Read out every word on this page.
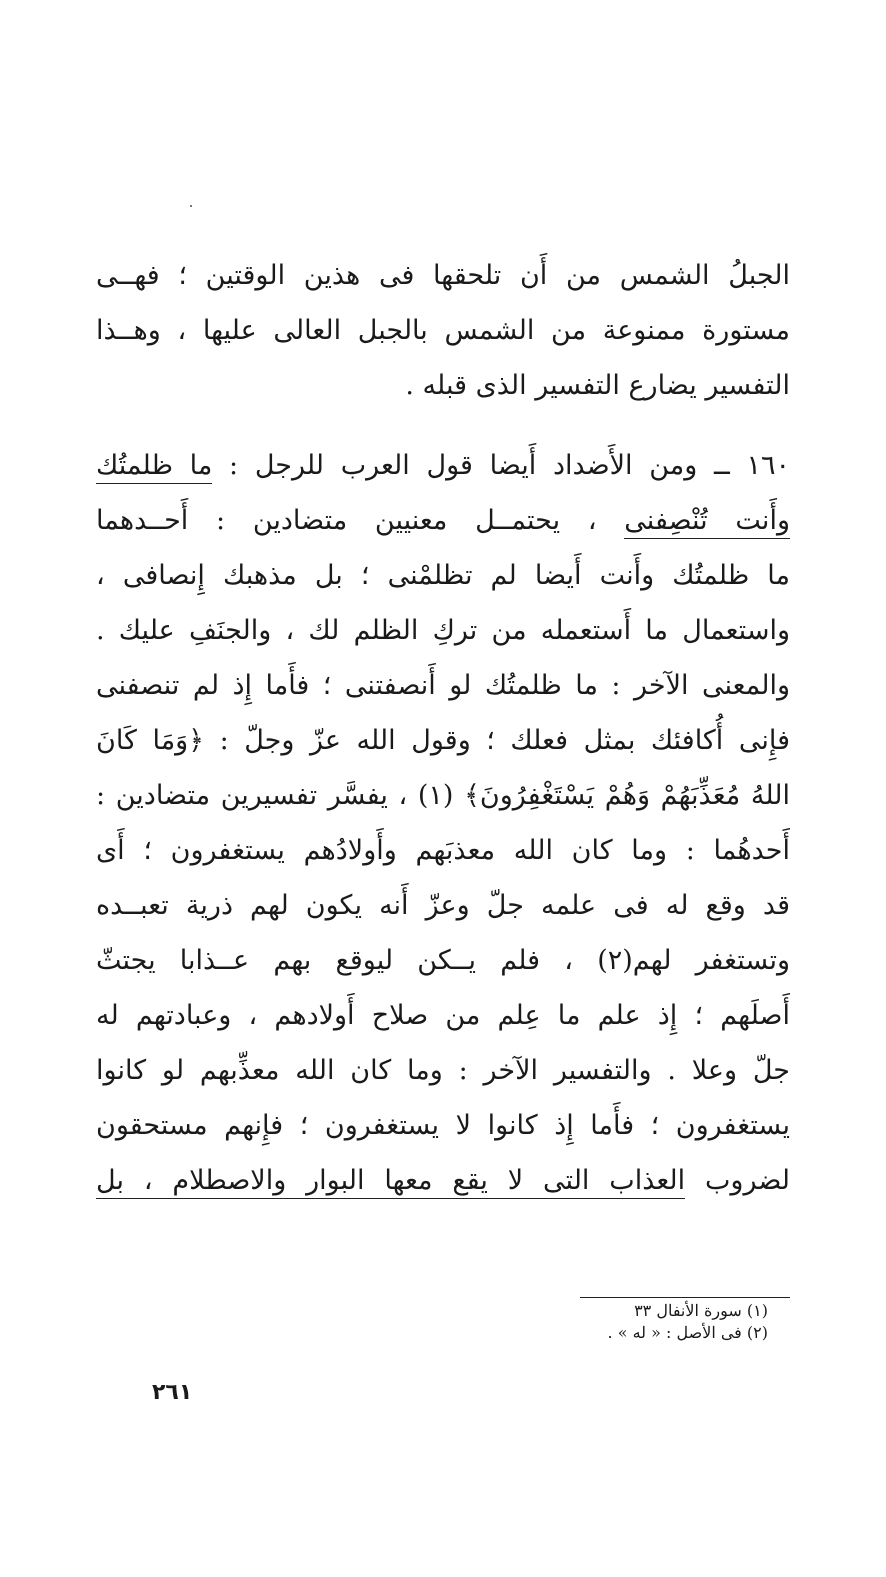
الجبلُ الشمس من أَن تلحقها فى هذين الوقتين ؛ فهــى
مستورة ممنوعة من الشمس بالجبل العالى عليها ، وهــذا
التفسير يضارع التفسير الذى قبله .
١٦٠ ــ ومن الأَضداد أَيضا قول العرب للرجل : ما ظلمتُك
وأَنت تُنْصِفنى ، يحتمــل معنيين متضادين : أَحــدهما
ما ظلمتُك وأَنت أَيضا لم تظلمْنى ؛ بل مذهبك إِنصافى ،
واستعمال ما أَستعمله من تركِ الظلم لك ، والجنَفِ عليك .
والمعنى الآخر : ما ظلمتُك لو أَنصفتنى ؛ فأَما إِذ لم تنصفنى
فإِنى أُكافئك بمثل فعلك ؛ وقول الله عزّ وجلّ : ﴿وَمَا كَانَ
اللهُ مُعَذِّبَهُمْ وَهُمْ يَسْتَغْفِرُونَ﴾ (١) ، يفسَّر تفسيرين متضادين :
أَحدهُما : وما كان الله معذبَهم وأَولادُهم يستغفرون ؛ أَى
قد وقع له فى علمه جلّ وعزّ أَنه يكون لهم ذرية تعبــده
وتستغفر لهم(٢) ، فلم يــكن ليوقع بهم عــذابا يجتثّ
أَصلَهم ؛ إِذ علم ما عِلم من صلاح أَولادهم ، وعبادتهم له
جلّ وعلا . والتفسير الآخر : وما كان الله معذِّبهم لو كانوا
يستغفرون ؛ فأَما إِذ كانوا لا يستغفرون ؛ فإِنهم مستحقون
لضروب العذاب التى لا يقع معها البوار والاصطلام ، بل
(١) سورة الأنفال ٣٣
(٢) فى الأصل : « له » .
٢٦١
